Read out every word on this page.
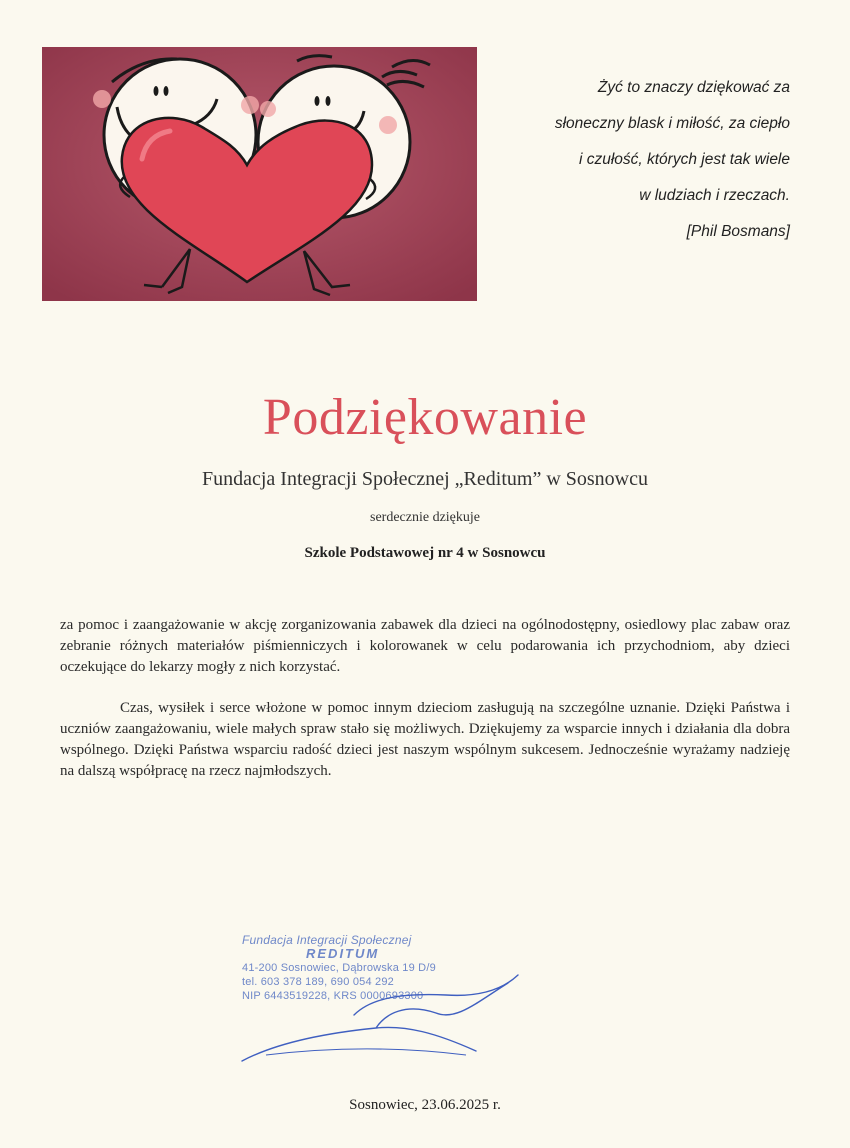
Żyć to znaczy dziękować za
słoneczny blask i miłość, za ciepło
i czułość, których jest tak wiele
w ludziach i rzeczach.
[Phil Bosmans]
Podziękowanie
Fundacja Integracji Społecznej „Reditum” w Sosnowcu
serdecznie dziękuje
Szkole Podstawowej nr 4 w Sosnowcu
za pomoc i zaangażowanie w akcję zorganizowania zabawek dla dzieci na ogólnodostępny, osiedlowy plac zabaw oraz zebranie różnych materiałów piśmienniczych i kolorowanek w celu podarowania ich przychodniom, aby dzieci oczekujące do lekarzy mogły z nich korzystać.
Czas, wysiłek i serce włożone w pomoc innym dzieciom zasługują na szczególne uznanie. Dzięki Państwa i uczniów zaangażowaniu, wiele małych spraw stało się możliwych. Dziękujemy za wsparcie innych i działania dla dobra wspólnego. Dzięki Państwa wsparciu radość dzieci jest naszym wspólnym sukcesem. Jednocześnie wyrażamy nadzieję na dalszą współpracę na rzecz najmłodszych.
Fundacja Integracji Społecznej
REDITUM
41-200 Sosnowiec, Dąbrowska 19 D/9
tel. 603 378 189, 690 054 292
NIP 6443519228, KRS 0000693300
Sosnowiec, 23.06.2025 r.
